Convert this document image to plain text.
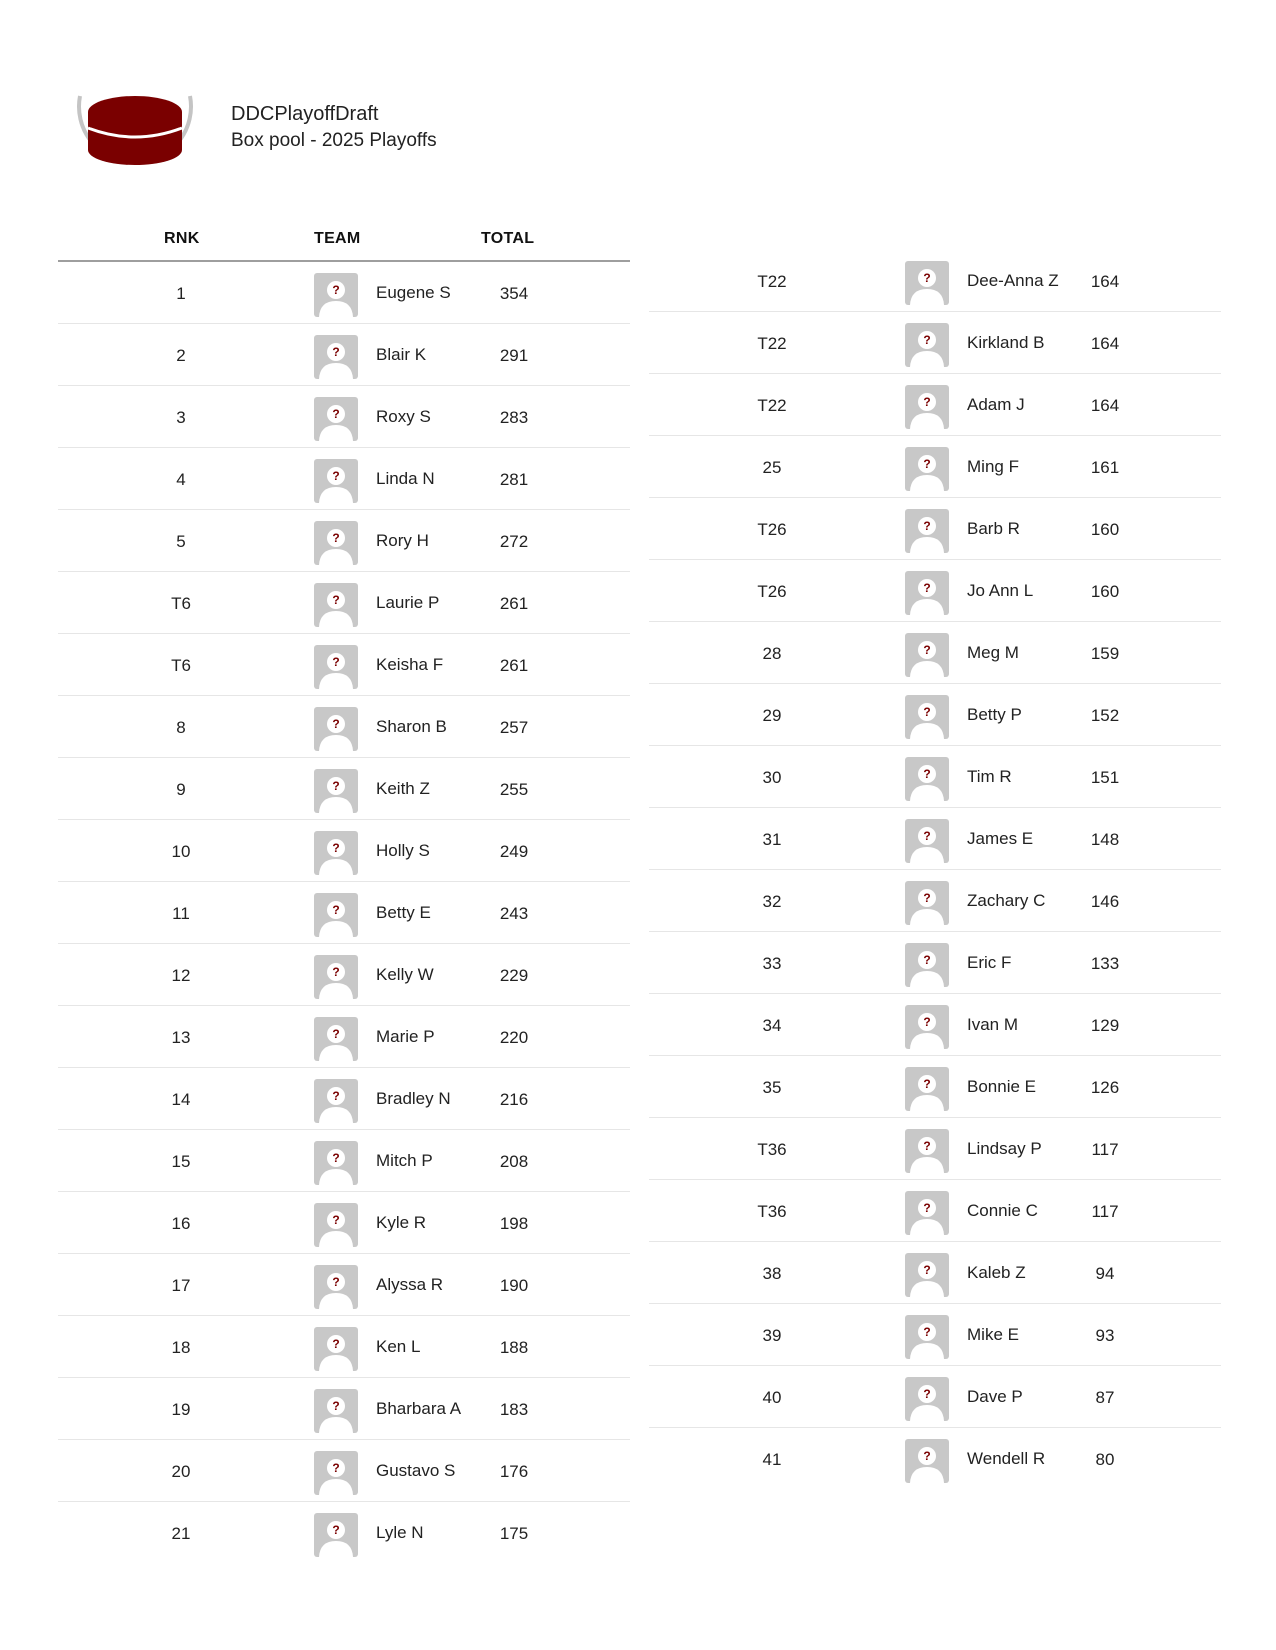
DDCPlayoffDraft
Box pool - 2025 Playoffs
RNK	TEAM	TOTAL
1	? Eugene S	354
2	? Blair K	291
3	? Roxy S	283
4	? Linda N	281
5	? Rory H	272
T6	? Laurie P	261
T6	? Keisha F	261
8	? Sharon B	257
9	? Keith Z	255
10	? Holly S	249
11	? Betty E	243
12	? Kelly W	229
13	? Marie P	220
14	? Bradley N	216
15	? Mitch P	208
16	? Kyle R	198
17	? Alyssa R	190
18	? Ken L	188
19	? Bharbara A	183
20	? Gustavo S	176
21	? Lyle N	175
T22	? Dee-Anna Z	164
T22	? Kirkland B	164
T22	? Adam J	164
25	? Ming F	161
T26	? Barb R	160
T26	? Jo Ann L	160
28	? Meg M	159
29	? Betty P	152
30	? Tim R	151
31	? James E	148
32	? Zachary C	146
33	? Eric F	133
34	? Ivan M	129
35	? Bonnie E	126
T36	? Lindsay P	117
T36	? Connie C	117
38	? Kaleb Z	94
39	? Mike E	93
40	? Dave P	87
41	? Wendell R	80
